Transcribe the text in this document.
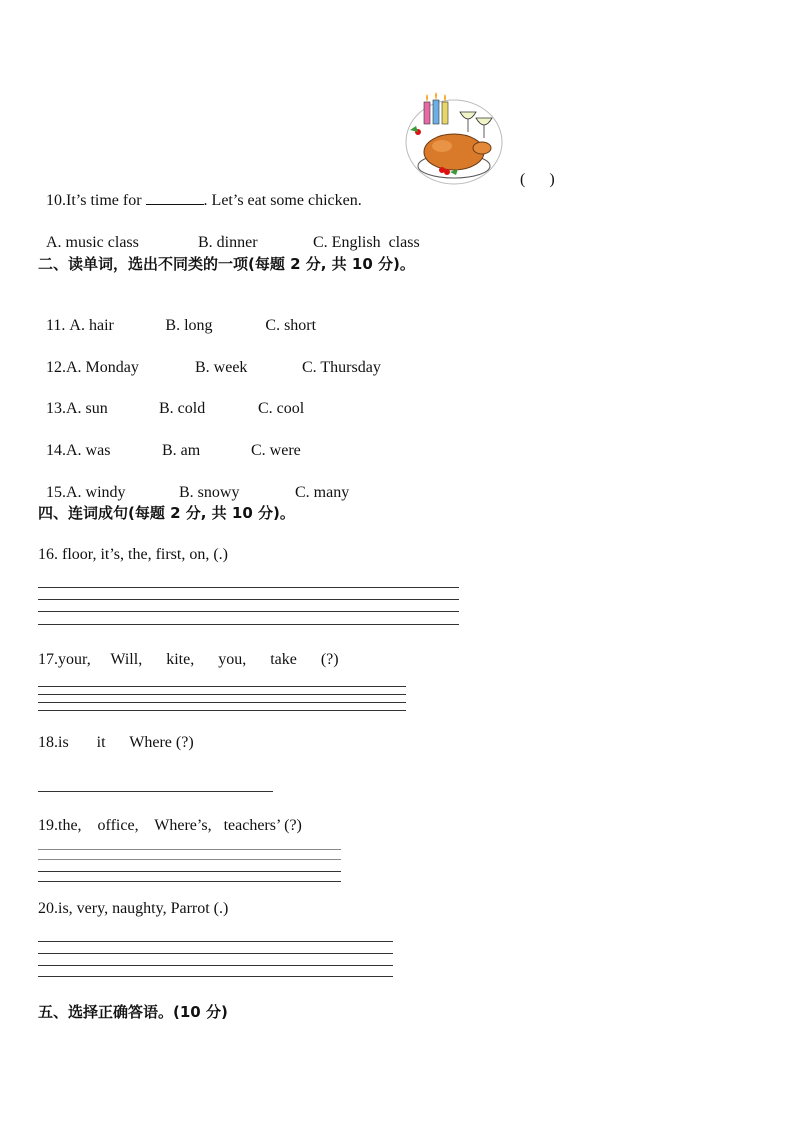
10.It’s time for	. Let’s eat some chicken.

(      )

A. music class	B. dinner	C. English  class

二、读单词，选出不同类的一项(每题 2 分, 共 10 分)。

11. A. hair	B. long	C. short

12.A. Monday	B. week	C. Thursday

13.A. sun	B. cold	C. cool

14.A. was	B. am	C. were

15.A. windy	B. snowy	C. many

四、连词成句(每题 2 分, 共 10 分)。
16. floor, it’s, the, first, on, (.)
17.your,     Will,      kite,      you,      take      (?)
18.is       it      Where (?)
19.the,    office,    Where’s,   teachers’ (?)
20.is, very, naughty, Parrot (.)
五、选择正确答语。(10 分)
